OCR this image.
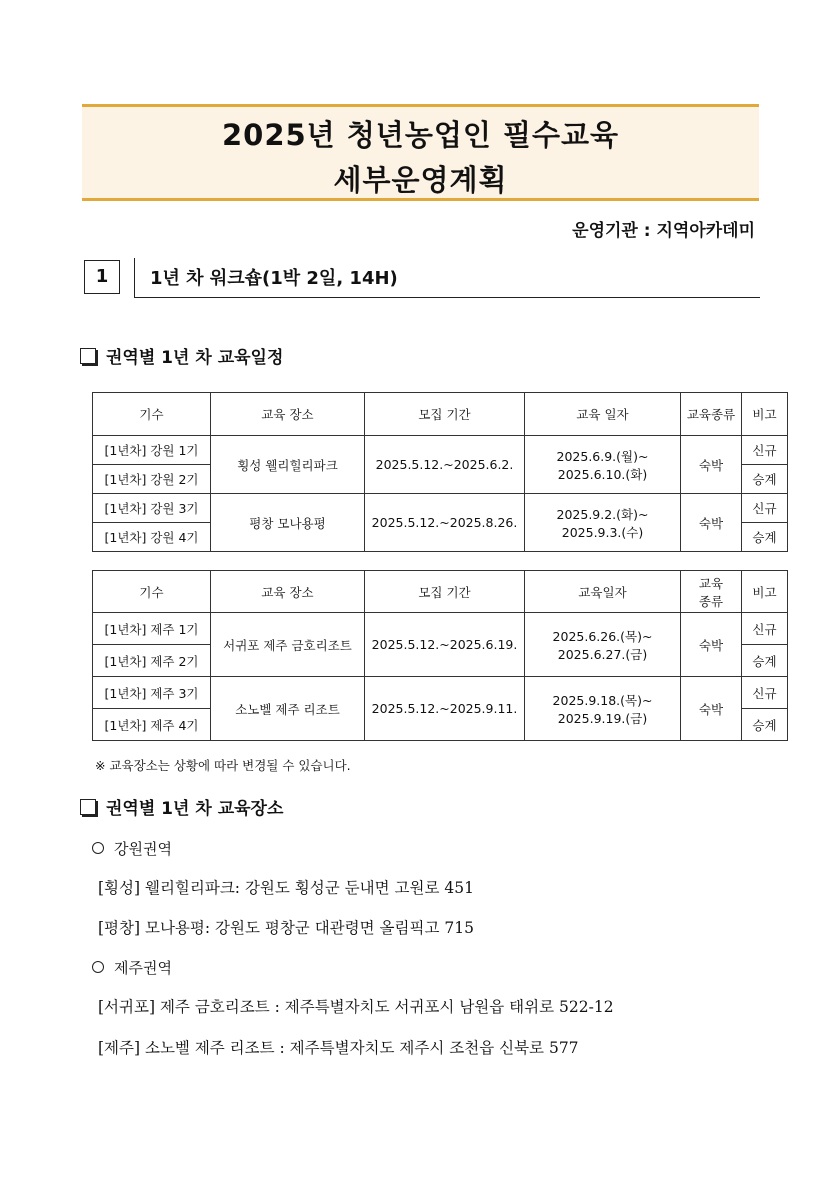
2025년 청년농업인 필수교육
세부운영계획
운영기관 : 지역아카데미
1	1년 차 워크숍(1박 2일, 14H)
권역별 1년 차 교육일정
기수	교육 장소	모집 기간	교육 일자	교육종류	비고
[1년차] 강원 1기	횡성 웰리힐리파크	2025.5.12.~2025.6.2.	2025.6.9.(월)~
2025.6.10.(화)	숙박	신규
[1년차] 강원 2기					승계
[1년차] 강원 3기	평창 모나용평	2025.5.12.~2025.8.26.	2025.9.2.(화)~
2025.9.3.(수)	숙박	신규
[1년차] 강원 4기					승계
기수	교육 장소	모집 기간	교육일자	교육
종류	비고
[1년차] 제주 1기	서귀포 제주 금호리조트	2025.5.12.~2025.6.19.	2025.6.26.(목)~
2025.6.27.(금)	숙박	신규
[1년차] 제주 2기					승계
[1년차] 제주 3기	소노벨 제주 리조트	2025.5.12.~2025.9.11.	2025.9.18.(목)~
2025.9.19.(금)	숙박	신규
[1년차] 제주 4기					승계
※ 교육장소는 상황에 따라 변경될 수 있습니다.
권역별 1년 차 교육장소
강원권역
[횡성] 웰리힐리파크: 강원도 횡성군 둔내면 고원로 451
[평창] 모나용평: 강원도 평창군 대관령면 올림픽고 715
제주권역
[서귀포] 제주 금호리조트 : 제주특별자치도 서귀포시 남원읍 태위로 522-12
[제주] 소노벨 제주 리조트 : 제주특별자치도 제주시 조천읍 신북로 577
